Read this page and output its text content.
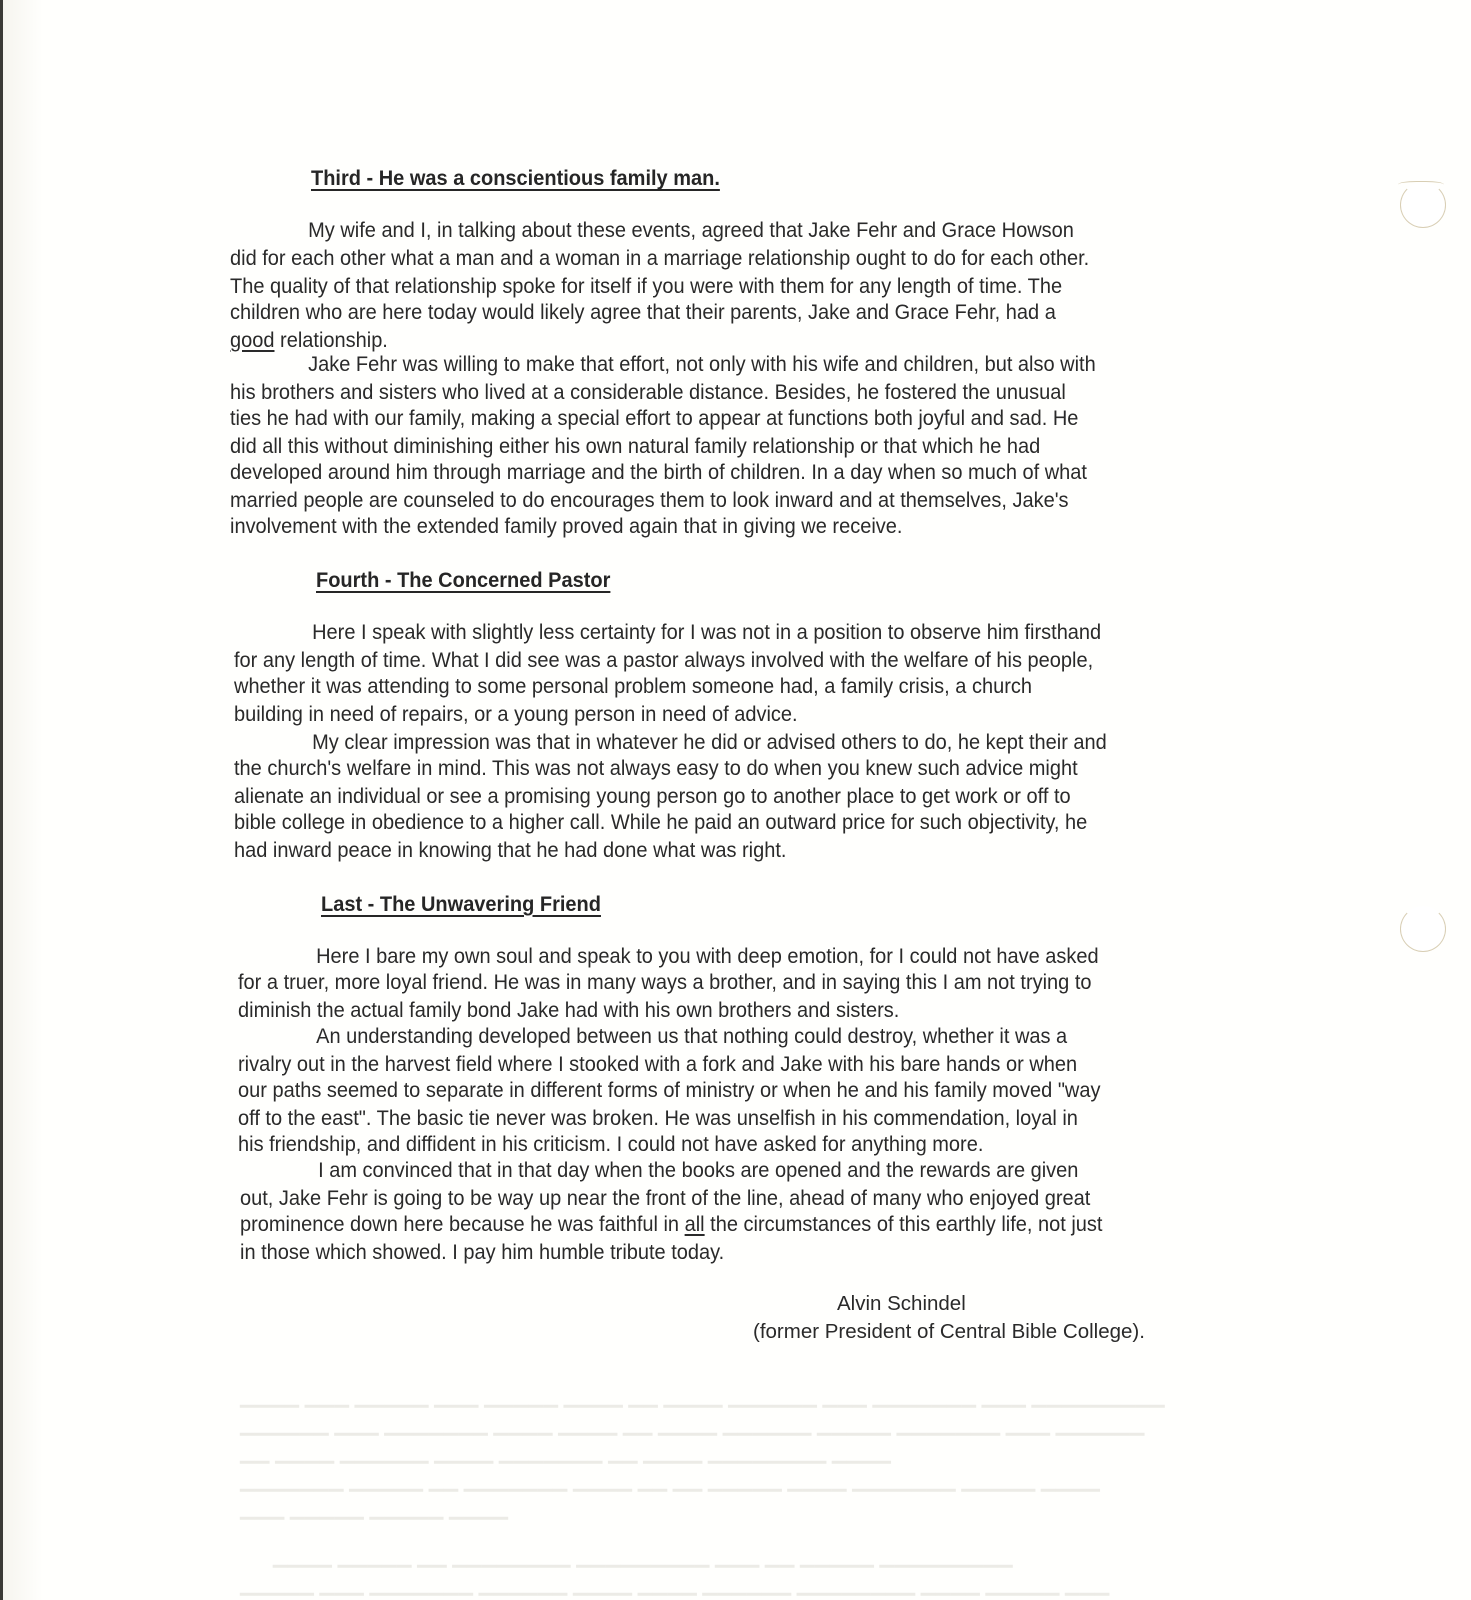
▁▁▁▁ ▁▁▁ ▁▁▁▁▁ ▁▁▁ ▁▁▁▁▁ ▁▁▁▁ ▁▁ ▁▁▁▁ ▁▁▁▁▁▁ ▁▁▁ ▁▁▁▁▁▁▁ ▁▁▁ ▁▁▁▁▁▁▁▁▁
▁▁▁▁▁▁ ▁▁▁ ▁▁▁▁▁▁▁ ▁▁▁▁ ▁▁▁▁ ▁▁ ▁▁▁▁ ▁▁▁▁▁▁ ▁▁▁▁▁ ▁▁▁▁▁▁▁ ▁▁▁ ▁▁▁▁▁▁
▁▁ ▁▁▁▁ ▁▁▁▁▁▁ ▁▁▁▁ ▁▁▁▁▁▁▁ ▁▁ ▁▁▁▁ ▁▁▁▁▁▁▁▁ ▁▁▁▁
▁▁▁▁▁▁▁ ▁▁▁▁▁ ▁▁ ▁▁▁▁▁▁▁ ▁▁▁▁ ▁▁ ▁▁ ▁▁▁▁▁ ▁▁▁▁ ▁▁▁▁▁▁▁ ▁▁▁▁▁ ▁▁▁▁
▁▁▁ ▁▁▁▁▁ ▁▁▁▁▁ ▁▁▁▁
▁▁▁▁ ▁▁▁▁▁ ▁▁ ▁▁▁▁▁▁▁▁ ▁▁▁▁▁▁▁▁▁ ▁▁▁ ▁▁ ▁▁▁▁▁ ▁▁▁▁▁▁▁▁▁
▁▁▁▁▁ ▁▁▁ ▁▁▁▁▁▁▁ ▁▁▁▁▁▁ ▁▁▁▁ ▁▁▁▁ ▁▁▁▁▁▁ ▁▁▁▁▁▁▁▁ ▁▁▁▁ ▁▁▁▁▁ ▁▁▁
Third - He was a conscientious family man.
My wife and I, in talking about these events, agreed that Jake Fehr and Grace Howson
did for each other what a man and a woman in a marriage relationship ought to do for each other.
The quality of that relationship spoke for itself if you were with them for any length of time. The
children who are here today would likely agree that their parents, Jake and Grace Fehr, had a
good relationship.
Jake Fehr was willing to make that effort, not only with his wife and children, but also with
his brothers and sisters who lived at a considerable distance. Besides, he fostered the unusual
ties he had with our family, making a special effort to appear at functions both joyful and sad. He
did all this without diminishing either his own natural family relationship or that which he had
developed around him through marriage and the birth of children. In a day when so much of what
married people are counseled to do encourages them to look inward and at themselves, Jake's
involvement with the extended family proved again that in giving we receive.
Fourth - The Concerned Pastor
Here I speak with slightly less certainty for I was not in a position to observe him firsthand
for any length of time. What I did see was a pastor always involved with the welfare of his people,
whether it was attending to some personal problem someone had, a family crisis, a church
building in need of repairs, or a young person in need of advice.
My clear impression was that in whatever he did or advised others to do, he kept their and
the church's welfare in mind. This was not always easy to do when you knew such advice might
alienate an individual or see a promising young person go to another place to get work or off to
bible college in obedience to a higher call. While he paid an outward price for such objectivity, he
had inward peace in knowing that he had done what was right.
Last - The Unwavering Friend
Here I bare my own soul and speak to you with deep emotion, for I could not have asked
for a truer, more loyal friend. He was in many ways a brother, and in saying this I am not trying to
diminish the actual family bond Jake had with his own brothers and sisters.
An understanding developed between us that nothing could destroy, whether it was a
rivalry out in the harvest field where I stooked with a fork and Jake with his bare hands or when
our paths seemed to separate in different forms of ministry or when he and his family moved "way
off to the east". The basic tie never was broken. He was unselfish in his commendation, loyal in
his friendship, and diffident in his criticism. I could not have asked for anything more.
I am convinced that in that day when the books are opened and the rewards are given
out, Jake Fehr is going to be way up near the front of the line, ahead of many who enjoyed great
prominence down here because he was faithful in all the circumstances of this earthly life, not just
in those which showed. I pay him humble tribute today.
Alvin Schindel
(former President of Central Bible College).
